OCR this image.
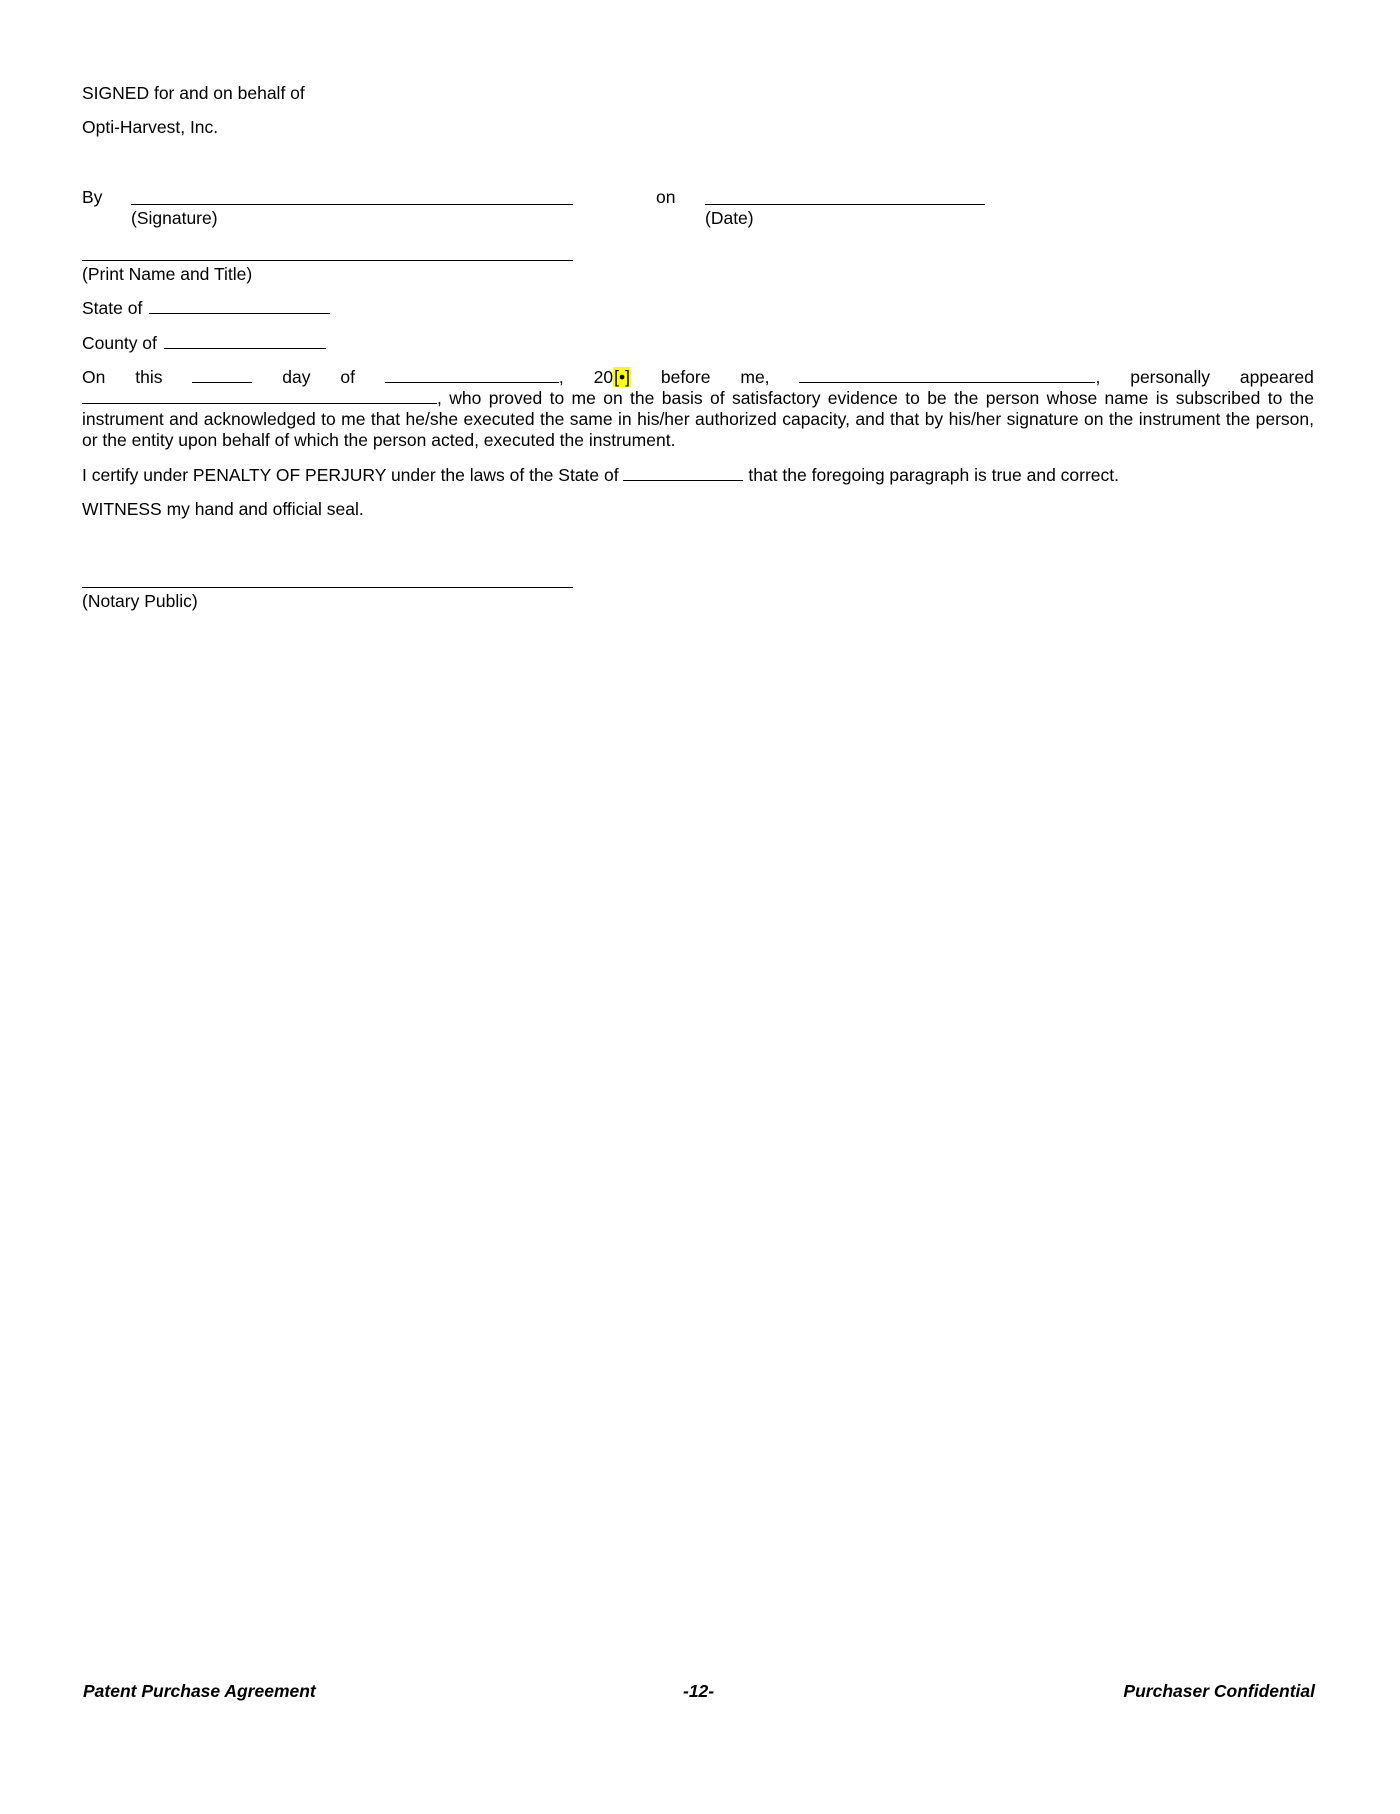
SIGNED for and on behalf of
Opti-Harvest, Inc.
By
(Signature)
on
(Date)
(Print Name and Title)
State of
County of
On this	day of	, 20[•] before me,	, personally appeared
, who proved to me on the basis of satisfactory evidence to be the person whose name is subscribed to the instrument and acknowledged to me that he/she executed the same in his/her authorized capacity, and that by his/her signature on the instrument the person, or the entity upon behalf of which the person acted, executed the instrument.
I certify under PENALTY OF PERJURY under the laws of the State of	that the foregoing paragraph is true and correct.
WITNESS my hand and official seal.
(Notary Public)
Patent Purchase Agreement	-12-	Purchaser Confidential
